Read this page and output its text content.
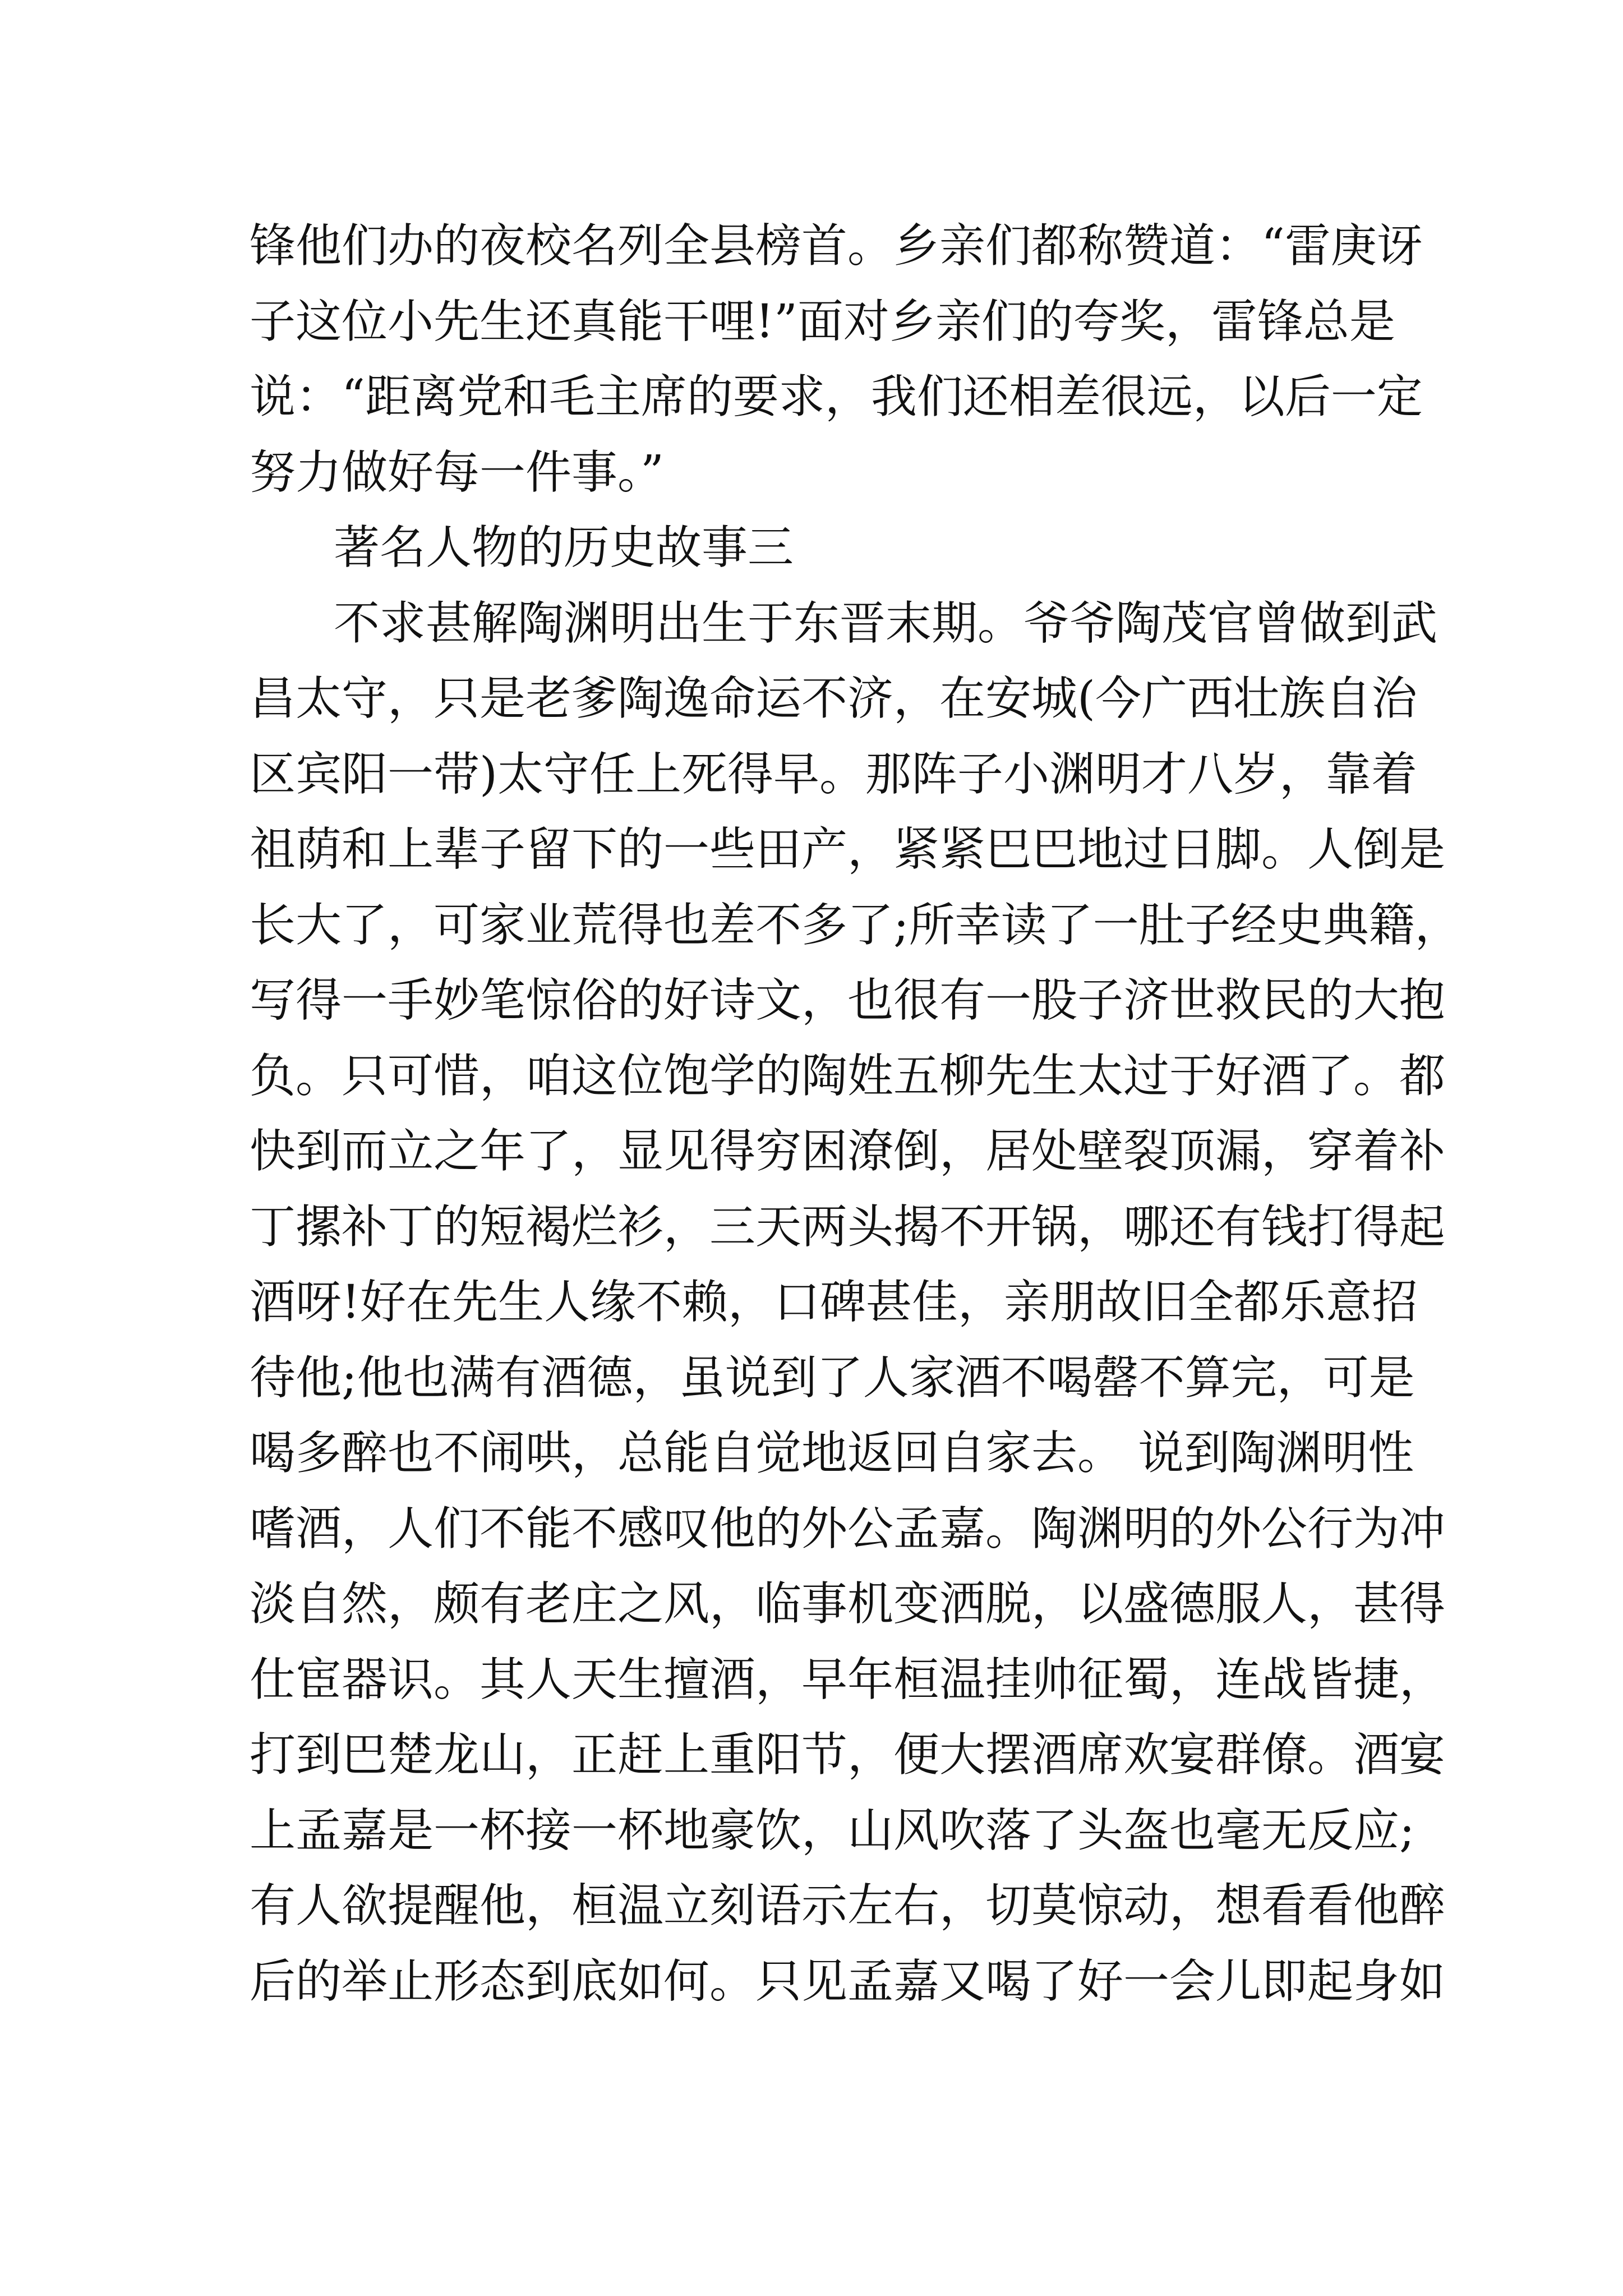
锋他们办的夜校名列全县榜首。乡亲们都称赞道：“雷庚讶
子这位小先生还真能干哩!”面对乡亲们的夸奖，雷锋总是
说：“距离党和毛主席的要求，我们还相差很远，以后一定
努力做好每一件事。”
著名人物的历史故事三
不求甚解陶渊明出生于东晋末期。爷爷陶茂官曾做到武
昌太守，只是老爹陶逸命运不济，在安城(今广西壮族自治
区宾阳一带)太守任上死得早。那阵子小渊明才八岁，靠着
祖荫和上辈子留下的一些田产，紧紧巴巴地过日脚。人倒是
长大了，可家业荒得也差不多了;所幸读了一肚子经史典籍，
写得一手妙笔惊俗的好诗文，也很有一股子济世救民的大抱
负。只可惜，咱这位饱学的陶姓五柳先生太过于好酒了。都
快到而立之年了，显见得穷困潦倒，居处壁裂顶漏，穿着补
丁摞补丁的短褐烂衫，三天两头揭不开锅，哪还有钱打得起
酒呀!好在先生人缘不赖，口碑甚佳，亲朋故旧全都乐意招
待他;他也满有酒德，虽说到了人家酒不喝罄不算完，可是
喝多醉也不闹哄，总能自觉地返回自家去。 说到陶渊明性
嗜酒，人们不能不感叹他的外公孟嘉。陶渊明的外公行为冲
淡自然，颇有老庄之风，临事机变洒脱，以盛德服人，甚得
仕宦器识。其人天生擅酒，早年桓温挂帅征蜀，连战皆捷，
打到巴楚龙山，正赶上重阳节，便大摆酒席欢宴群僚。酒宴
上孟嘉是一杯接一杯地豪饮，山风吹落了头盔也毫无反应;
有人欲提醒他，桓温立刻语示左右，切莫惊动，想看看他醉
后的举止形态到底如何。只见孟嘉又喝了好一会儿即起身如
